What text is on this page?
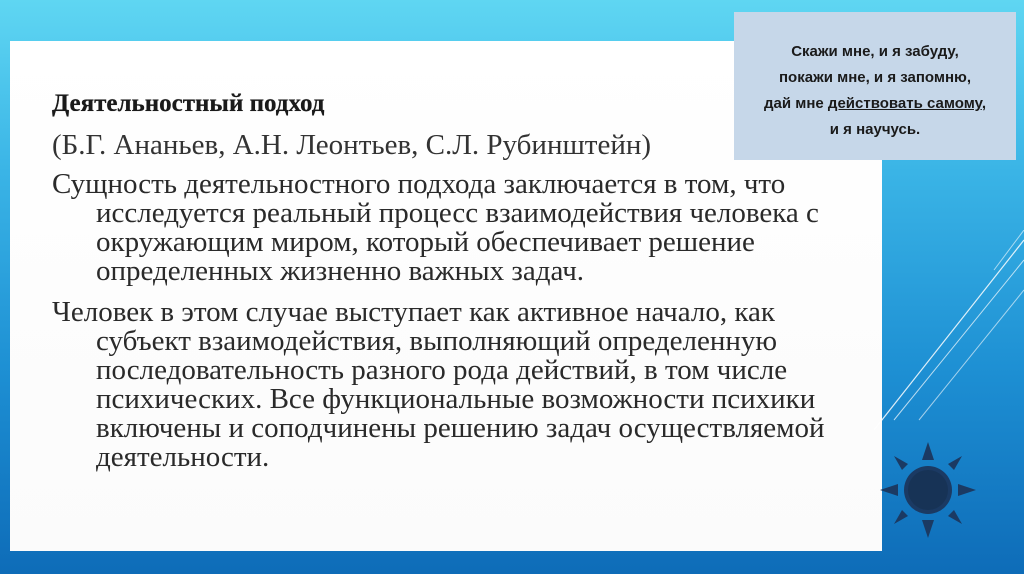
Деятельностный подход
(Б.Г. Ананьев, А.Н. Леонтьев, С.Л. Рубинштейн)

Сущность деятельностного подхода заключается в том, что исследуется реальный процесс взаимодействия человека с окружающим миром, который обеспечивает решение определенных жизненно важных задач.

Человек в этом случае выступает как активное начало, как субъект взаимодействия, выполняющий определенную последовательность разного рода действий, в том числе психических. Все функциональные возможности психики включены и соподчинены решению задач осуществляемой деятельности.

Скажи мне, и я забуду,
покажи мне, и я запомню,
дай мне действовать самому,
и я научусь.
